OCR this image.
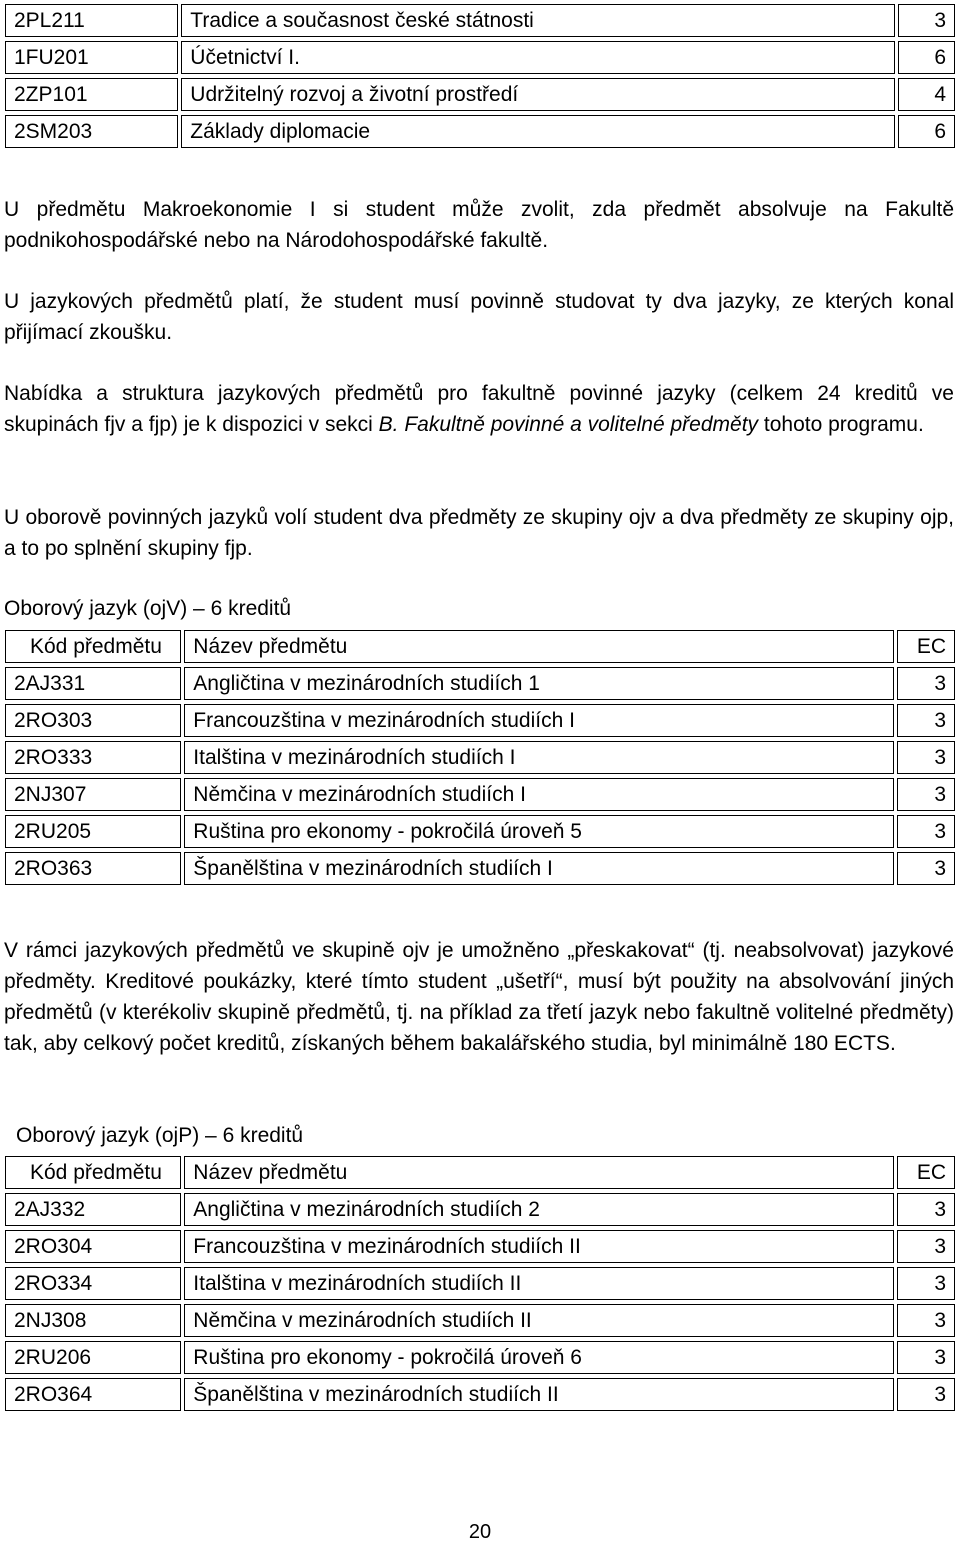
2PL211	Tradice a současnost české státnosti	3
1FU201	Účetnictví I.	6
2ZP101	Udržitelný rozvoj a životní prostředí	4
2SM203	Základy diplomacie	6

U předmětu Makroekonomie I si student může zvolit, zda předmět absolvuje na Fakultě podnikohospodářské nebo na Národohospodářské fakultě.

U jazykových předmětů platí, že student musí povinně studovat ty dva jazyky, ze kterých konal přijímací zkoušku.

Nabídka a struktura jazykových předmětů pro fakultně povinné jazyky (celkem 24 kreditů ve skupinách fjv a fjp) je k dispozici v sekci B. Fakultně povinné a volitelné předměty tohoto programu.

U oborově povinných jazyků volí student dva předměty ze skupiny ojv a dva předměty ze skupiny ojp, a to po splnění skupiny fjp.

Oborový jazyk (ojV) – 6 kreditů

Kód předmětu	Název předmětu	EC
2AJ331	Angličtina v mezinárodních studiích 1	3
2RO303	Francouzština v mezinárodních studiích I	3
2RO333	Italština v mezinárodních studiích I	3
2NJ307	Němčina v mezinárodních studiích I	3
2RU205	Ruština pro ekonomy - pokročilá úroveň 5	3
2RO363	Španělština v mezinárodních studiích I	3

V rámci jazykových předmětů ve skupině ojv je umožněno „přeskakovat“ (tj. neabsolvovat) jazykové předměty. Kreditové poukázky, které tímto student „ušetří“, musí být použity na absolvování jiných předmětů (v kterékoliv skupině předmětů, tj. na příklad za třetí jazyk nebo fakultně volitelné předměty) tak, aby celkový počet kreditů, získaných během bakalářského studia, byl minimálně 180 ECTS.

Oborový jazyk (ojP) – 6 kreditů

Kód předmětu	Název předmětu	EC
2AJ332	Angličtina v mezinárodních studiích 2	3
2RO304	Francouzština v mezinárodních studiích II	3
2RO334	Italština v mezinárodních studiích II	3
2NJ308	Němčina v mezinárodních studiích II	3
2RU206	Ruština pro ekonomy - pokročilá úroveň 6	3
2RO364	Španělština v mezinárodních studiích II	3
20
